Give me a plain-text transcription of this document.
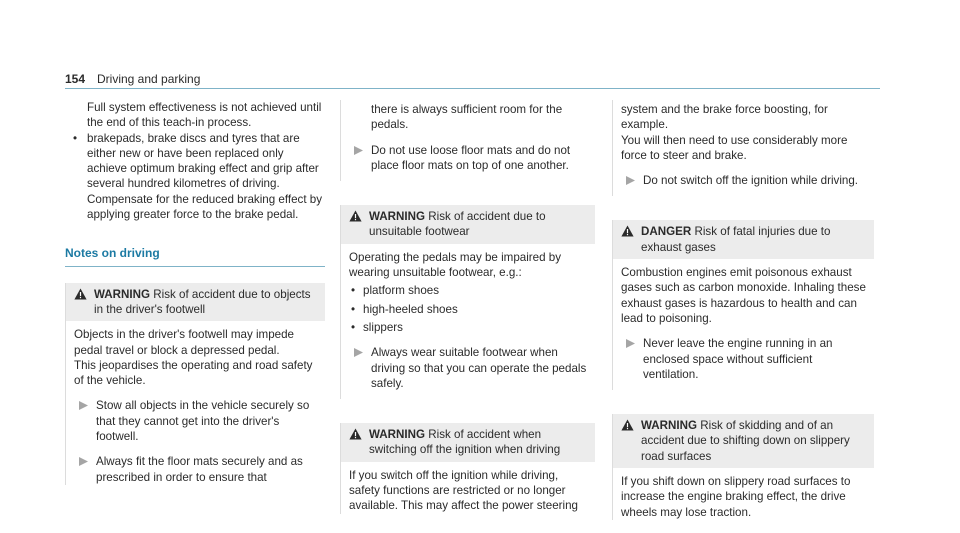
154 Driving and parking

Full system effectiveness is not achieved until the end of this teach-in process.

• brakepads, brake discs and tyres that are either new or have been replaced only achieve optimum braking effect and grip after several hundred kilometres of driving. Compensate for the reduced braking effect by applying greater force to the brake pedal.

Notes on driving
WARNING Risk of accident due to objects in the driver's footwell

Objects in the driver's footwell may impede pedal travel or block a depressed pedal.

This jeopardises the operating and road safety of the vehicle.

Stow all objects in the vehicle securely so that they cannot get into the driver's footwell.
Always fit the floor mats securely and as prescribed in order to ensure that

there is always sufficient room for the pedals.

Do not use loose floor mats and do not place floor mats on top of one another.
WARNING Risk of accident due to unsuitable footwear

Operating the pedals may be impaired by wearing unsuitable footwear, e.g.:

• platform shoes

• high-heeled shoes

• slippers

Always wear suitable footwear when driving so that you can operate the pedals safely.
WARNING Risk of accident when switching off the ignition when driving

If you switch off the ignition while driving, safety functions are restricted or no longer available. This may affect the power steering

system and the brake force boosting, for example.

You will then need to use considerably more force to steer and brake.

Do not switch off the ignition while driving.
DANGER Risk of fatal injuries due to exhaust gases

Combustion engines emit poisonous exhaust gases such as carbon monoxide. Inhaling these exhaust gases is hazardous to health and can lead to poisoning.

Never leave the engine running in an enclosed space without sufficient ventilation.
WARNING Risk of skidding and of an accident due to shifting down on slippery road surfaces

If you shift down on slippery road surfaces to increase the engine braking effect, the drive wheels may lose traction.
